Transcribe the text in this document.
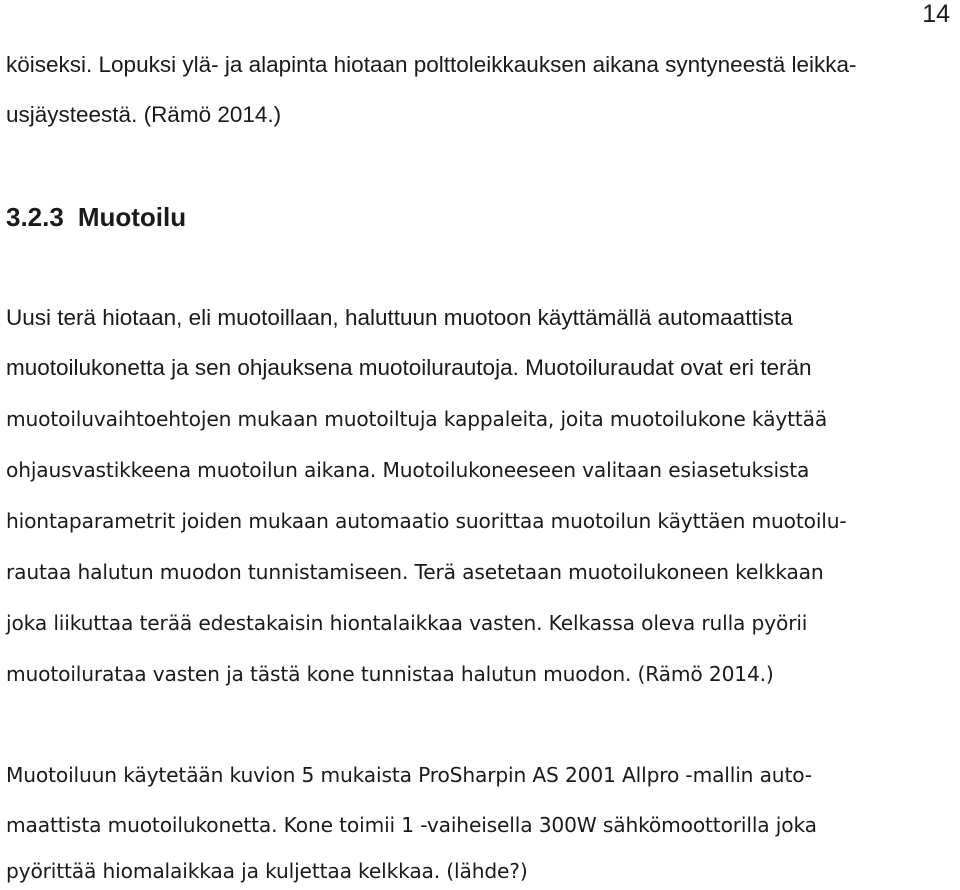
14
köiseksi. Lopuksi ylä- ja alapinta hiotaan polttoleikkauksen aikana syntyneestä leikka-
usjäysteestä. (Rämö 2014.)
3.2.3 Muotoilu
Uusi terä hiotaan, eli muotoillaan, haluttuun muotoon käyttämällä automaattista
muotoilukonetta ja sen ohjauksena muotoilurautoja. Muotoiluraudat ovat eri terän
muotoiluvaihtoehtojen mukaan muotoiltuja kappaleita, joita muotoilukone käyttää
ohjausvastikkeena muotoilun aikana. Muotoilukoneeseen valitaan esiasetuksista
hiontaparametrit joiden mukaan automaatio suorittaa muotoilun käyttäen muotoilu-
rautaa halutun muodon tunnistamiseen. Terä asetetaan muotoilukoneen kelkkaan
joka liikuttaa terää edestakaisin hiontalaikkaa vasten. Kelkassa oleva rulla pyörii
muotoilurataa vasten ja tästä kone tunnistaa halutun muodon. (Rämö 2014.)
Muotoiluun käytetään kuvion 5 mukaista ProSharpin AS 2001 Allpro -mallin auto-
maattista muotoilukonetta. Kone toimii 1 -vaiheisella 300W sähkömoottorilla joka
pyörittää hiomalaikkaa ja kuljettaa kelkkaa. (lähde?)
